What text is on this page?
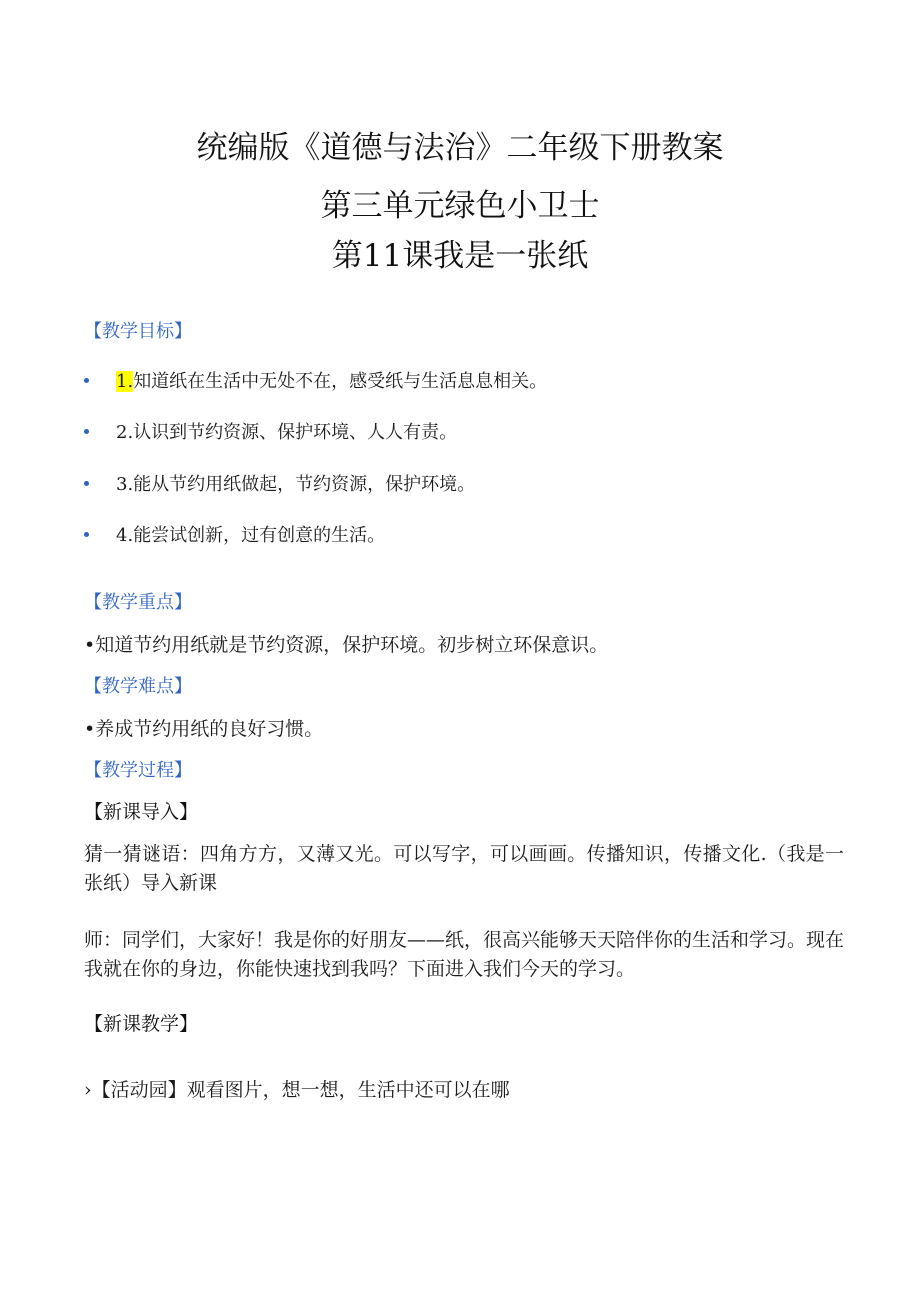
统编版《道德与法治》二年级下册教案
第三单元绿色小卫士
第11课我是一张纸
【教学目标】
1.知道纸在生活中无处不在，感受纸与生活息息相关。
2.认识到节约资源、保护环境、人人有责。
3.能从节约用纸做起，节约资源，保护环境。
4.能尝试创新，过有创意的生活。
【教学重点】
•知道节约用纸就是节约资源，保护环境。初步树立环保意识。
【教学难点】
•养成节约用纸的良好习惯。
【教学过程】
【新课导入】
猜一猜谜语：四角方方，又薄又光。可以写字，可以画画。传播知识，传播文化.（我是一张纸）导入新课
师：同学们，大家好！我是你的好朋友——纸，很高兴能够天天陪伴你的生活和学习。现在我就在你的身边，你能快速找到我吗？下面进入我们今天的学习。
【新课教学】
›【活动园】观看图片，想一想，生活中还可以在哪
